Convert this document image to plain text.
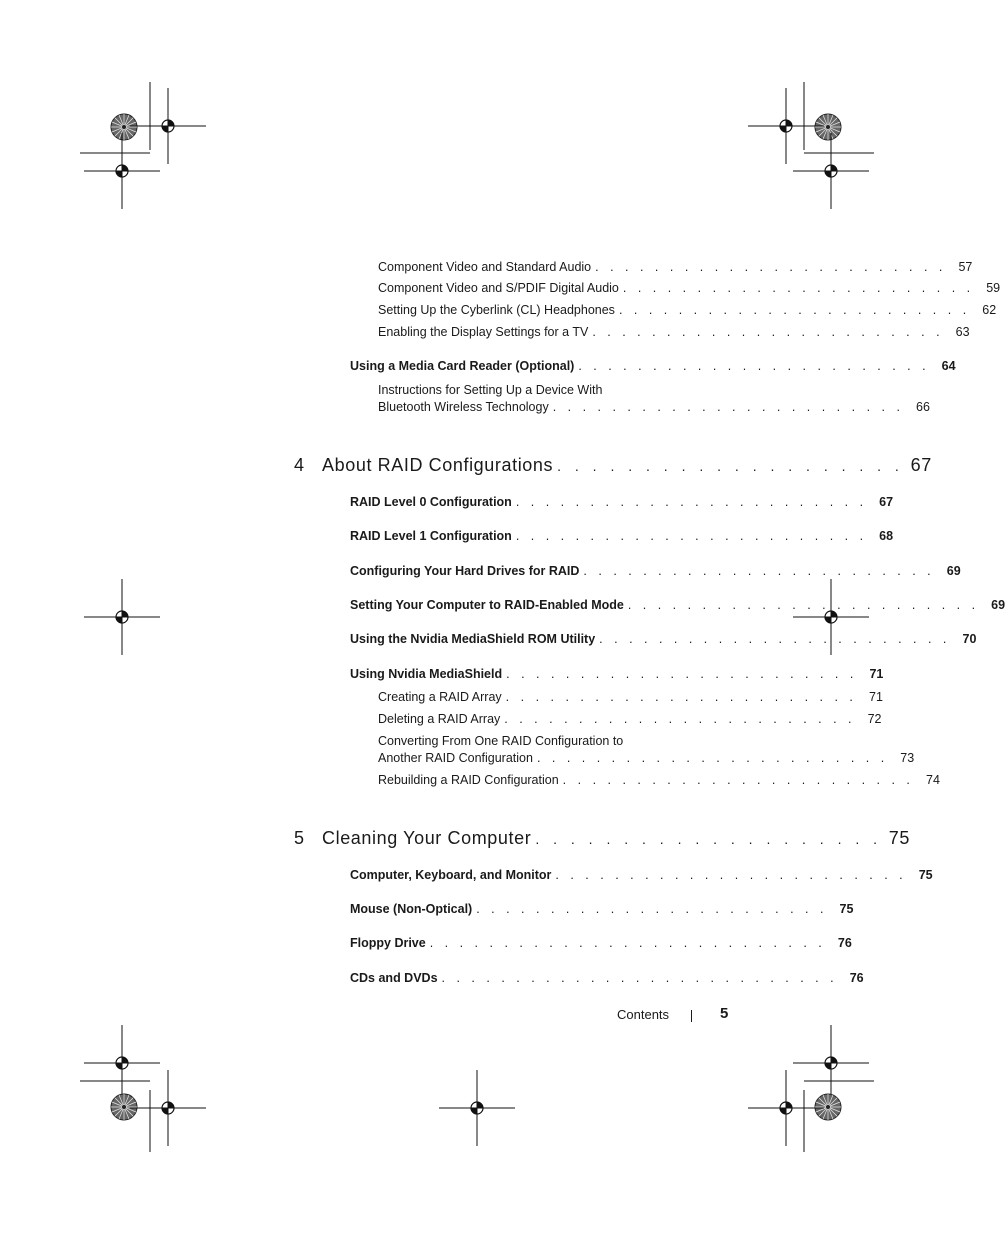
Component Video and Standard Audio . . . . . . . . . . . . . . . . . . . . . . . . 57
Component Video and S/PDIF Digital Audio . . . . . . . . . . . . . . . . . . . . . . . . 59
Setting Up the Cyberlink (CL) Headphones . . . . . . . . . . . . . . . . . . . . . . . . 62
Enabling the Display Settings for a TV . . . . . . . . . . . . . . . . . . . . . . . . 63
Using a Media Card Reader (Optional) . . . . . . . . . . . . . . . . . . . . . . . . 64
Instructions for Setting Up a Device With
Bluetooth Wireless Technology . . . . . . . . . . . . . . . . . . . . . . . . 66
4 About RAID Configurations . . . . . . . . . . . . . . . . . . . . 67
RAID Level 0 Configuration . . . . . . . . . . . . . . . . . . . . . . . . 67
RAID Level 1 Configuration . . . . . . . . . . . . . . . . . . . . . . . . 68
Configuring Your Hard Drives for RAID . . . . . . . . . . . . . . . . . . . . . . . . 69
Setting Your Computer to RAID-Enabled Mode . . . . . . . . . . . . . . . . . . . . . . . . 69
Using the Nvidia MediaShield ROM Utility . . . . . . . . . . . . . . . . . . . . . . . . 70
Using Nvidia MediaShield . . . . . . . . . . . . . . . . . . . . . . . . 71
Creating a RAID Array . . . . . . . . . . . . . . . . . . . . . . . . 71
Deleting a RAID Array . . . . . . . . . . . . . . . . . . . . . . . . 72
Converting From One RAID Configuration to
Another RAID Configuration . . . . . . . . . . . . . . . . . . . . . . . . 73
Rebuilding a RAID Configuration . . . . . . . . . . . . . . . . . . . . . . . . 74
5 Cleaning Your Computer . . . . . . . . . . . . . . . . . . . . 75
Computer, Keyboard, and Monitor . . . . . . . . . . . . . . . . . . . . . . . . 75
Mouse (Non-Optical) . . . . . . . . . . . . . . . . . . . . . . . . 75
Floppy Drive . . . . . . . . . . . . . . . . . . . . . . . . . . . 76
CDs and DVDs . . . . . . . . . . . . . . . . . . . . . . . . . . . 76
Contents	5
